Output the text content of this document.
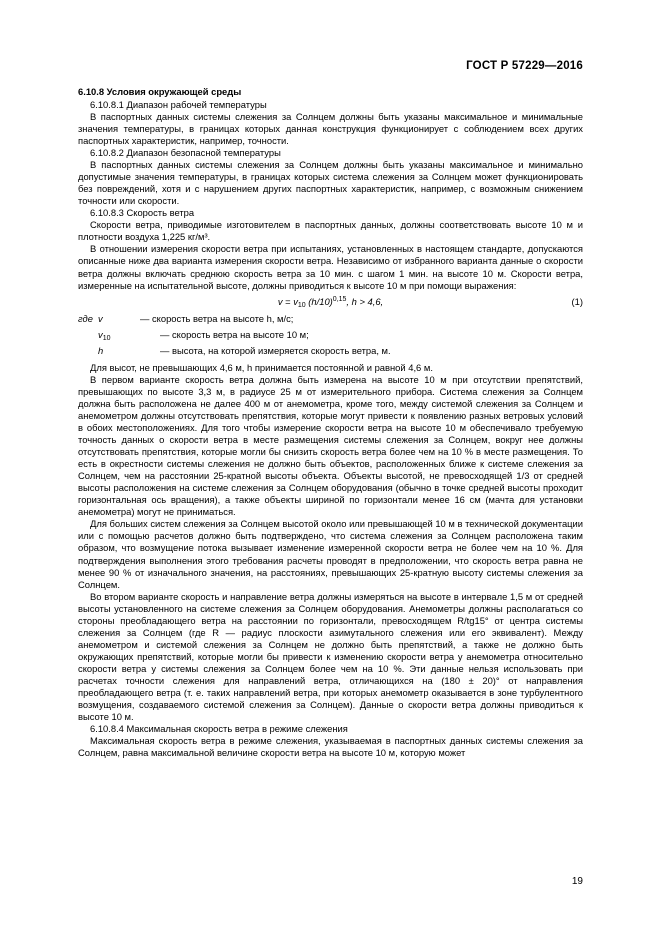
ГОСТ Р 57229—2016
6.10.8 Условия окружающей среды
6.10.8.1 Диапазон рабочей температуры

В паспортных данных системы слежения за Солнцем должны быть указаны максимальное и минимальные значения температуры, в границах которых данная конструкция функционирует с соблюдением всех других паспортных характеристик, например, точности.

6.10.8.2 Диапазон безопасной температуры

В паспортных данных системы слежения за Солнцем должны быть указаны максимальное и минимально допустимые значения температуры, в границах которых система слежения за Солнцем может функционировать без повреждений, хотя и с нарушением других паспортных характеристик, например, с возможным снижением точности или скорости.

6.10.8.3 Скорость ветра

Скорости ветра, приводимые изготовителем в паспортных данных, должны соответствовать высоте 10 м и плотности воздуха 1,225 кг/м³.

В отношении измерения скорости ветра при испытаниях, установленных в настоящем стандарте, допускаются описанные ниже два варианта измерения скорости ветра. Независимо от избранного варианта данные о скорости ветра должны включать среднюю скорость ветра за 10 мин. с шагом 1 мин. на высоте 10 м. Скорости ветра, измеренные на испытательной высоте, должны приводиться к высоте 10 м при помощи выражения:

$v = v_{10}$ $(h/10)^{0,15}$, h > 4,6,	(1)
где v	— скорость ветра на высоте h, м/с;
$v_{10}$	— скорость ветра на высоте 10 м;
h	— высота, на которой измеряется скорость ветра, м.

Для высот, не превышающих 4,6 м, h принимается постоянной и равной 4,6 м.

В первом варианте скорость ветра должна быть измерена на высоте 10 м при отсутствии препятствий, превышающих по высоте 3,3 м, в радиусе 25 м от измерительного прибора. Система слежения за Солнцем должна быть расположена не далее 400 м от анемометра, кроме того, между системой слежения за Солнцем и анемометром должны отсутствовать препятствия, которые могут привести к появлению разных ветровых условий в обоих местоположениях. Для того чтобы измерение скорости ветра на высоте 10 м обеспечивало требуемую точность данных о скорости ветра в месте размещения системы слежения за Солнцем, вокруг нее должны отсутствовать препятствия, которые могли бы снизить скорость ветра более чем на 10 % в месте размещения. То есть в окрестности системы слежения не должно быть объектов, расположенных ближе к системе слежения за Солнцем, чем на расстоянии 25-кратной высоты объекта. Объекты высотой, не превосходящей 1/3 от средней высоты расположения на системе слежения за Солнцем оборудования (обычно в точке средней высоты проходит горизонтальная ось вращения), а также объекты шириной по горизонтали менее 16 см (мачта для установки анемометра) могут не приниматься.

Для больших систем слежения за Солнцем высотой около или превышающей 10 м в технической документации или с помощью расчетов должно быть подтверждено, что система слежения за Солнцем расположена таким образом, что возмущение потока вызывает изменение измеренной скорости ветра не более чем на 10 %. Для подтверждения выполнения этого требования расчеты проводят в предположении, что скорость ветра равна не менее 90 % от изначального значения, на расстояниях, превышающих 25-кратную высоту системы слежения за Солнцем.

Во втором варианте скорость и направление ветра должны измеряться на высоте в интервале 1,5 м от средней высоты установленного на системе слежения за Солнцем оборудования. Анемометры должны располагаться со стороны преобладающего ветра на расстоянии по горизонтали, превосходящем R/tg15° от центра системы слежения за Солнцем (где R — радиус плоскости азимутального слежения или его эквивалент). Между анемометром и системой слежения за Солнцем не должно быть препятствий, а также не должно быть окружающих препятствий, которые могли бы привести к изменению скорости ветра у анемометра относительно скорости ветра у системы слежения за Солнцем более чем на 10 %. Эти данные нельзя использовать при расчетах точности слежения для направлений ветра, отличающихся на (180 ± 20)° от направления преобладающего ветра (т. е. таких направлений ветра, при которых анемометр оказывается в зоне турбулентного возмущения, создаваемого системой слежения за Солнцем). Данные о скорости ветра должны приводиться к высоте 10 м.

6.10.8.4 Максимальная скорость ветра в режиме слежения

Максимальная скорость ветра в режиме слежения, указываемая в паспортных данных системы слежения за Солнцем, равна максимальной величине скорости ветра на высоте 10 м, которую может

19
